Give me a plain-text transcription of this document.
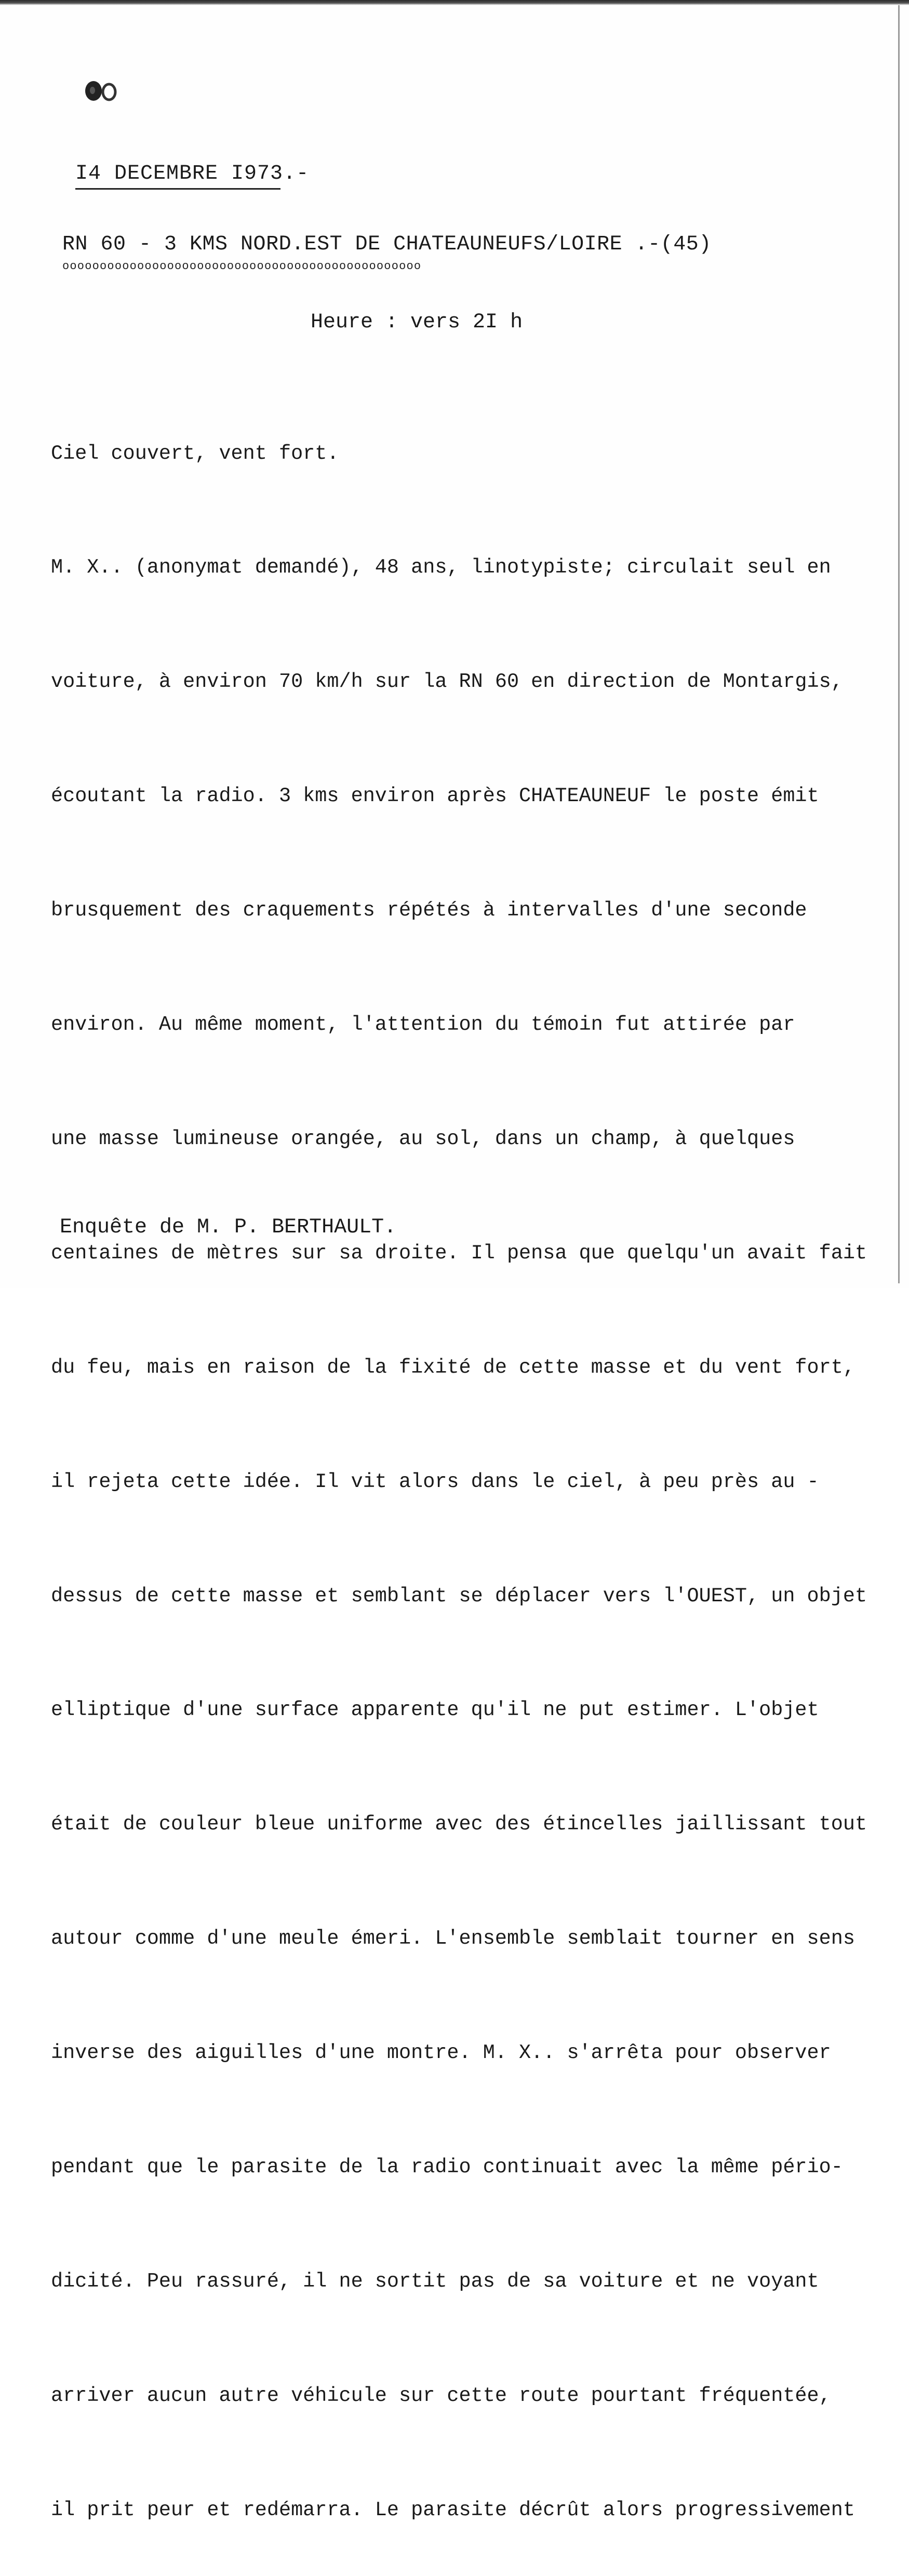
I4 DECEMBRE I973.-
RN 60 - 3 KMS NORD.EST DE CHATEAUNEUFS/LOIRE .-(45)
oooooooooooooooooooooooooooooooooooooooooooooooo
Heure : vers 2I h

Ciel couvert, vent fort.

M. X.. (anonymat demandé), 48 ans, linotypiste; circulait seul en

voiture, à environ 70 km/h sur la RN 60 en direction de Montargis,

écoutant la radio. 3 kms environ après CHATEAUNEUF le poste émit

brusquement des craquements répétés à intervalles d'une seconde

environ. Au même moment, l'attention du témoin fut attirée par

une masse lumineuse orangée, au sol, dans un champ, à quelques

centaines de mètres sur sa droite. Il pensa que quelqu'un avait fait

du feu, mais en raison de la fixité de cette masse et du vent fort,

il rejeta cette idée. Il vit alors dans le ciel, à peu près au -

dessus de cette masse et semblant se déplacer vers l'OUEST, un objet

elliptique d'une surface apparente qu'il ne put estimer. L'objet

était de couleur bleue uniforme avec des étincelles jaillissant tout

autour comme d'une meule émeri. L'ensemble semblait tourner en sens

inverse des aiguilles d'une montre. M. X.. s'arrêta pour observer

pendant que le parasite de la radio continuait avec la même pério-

dicité. Peu rassuré, il ne sortit pas de sa voiture et ne voyant

arriver aucun autre véhicule sur cette route pourtant fréquentée,

il prit peur et redémarra. Le parasite décrût alors progressivement

Enquête de M. P. BERTHAULT.
